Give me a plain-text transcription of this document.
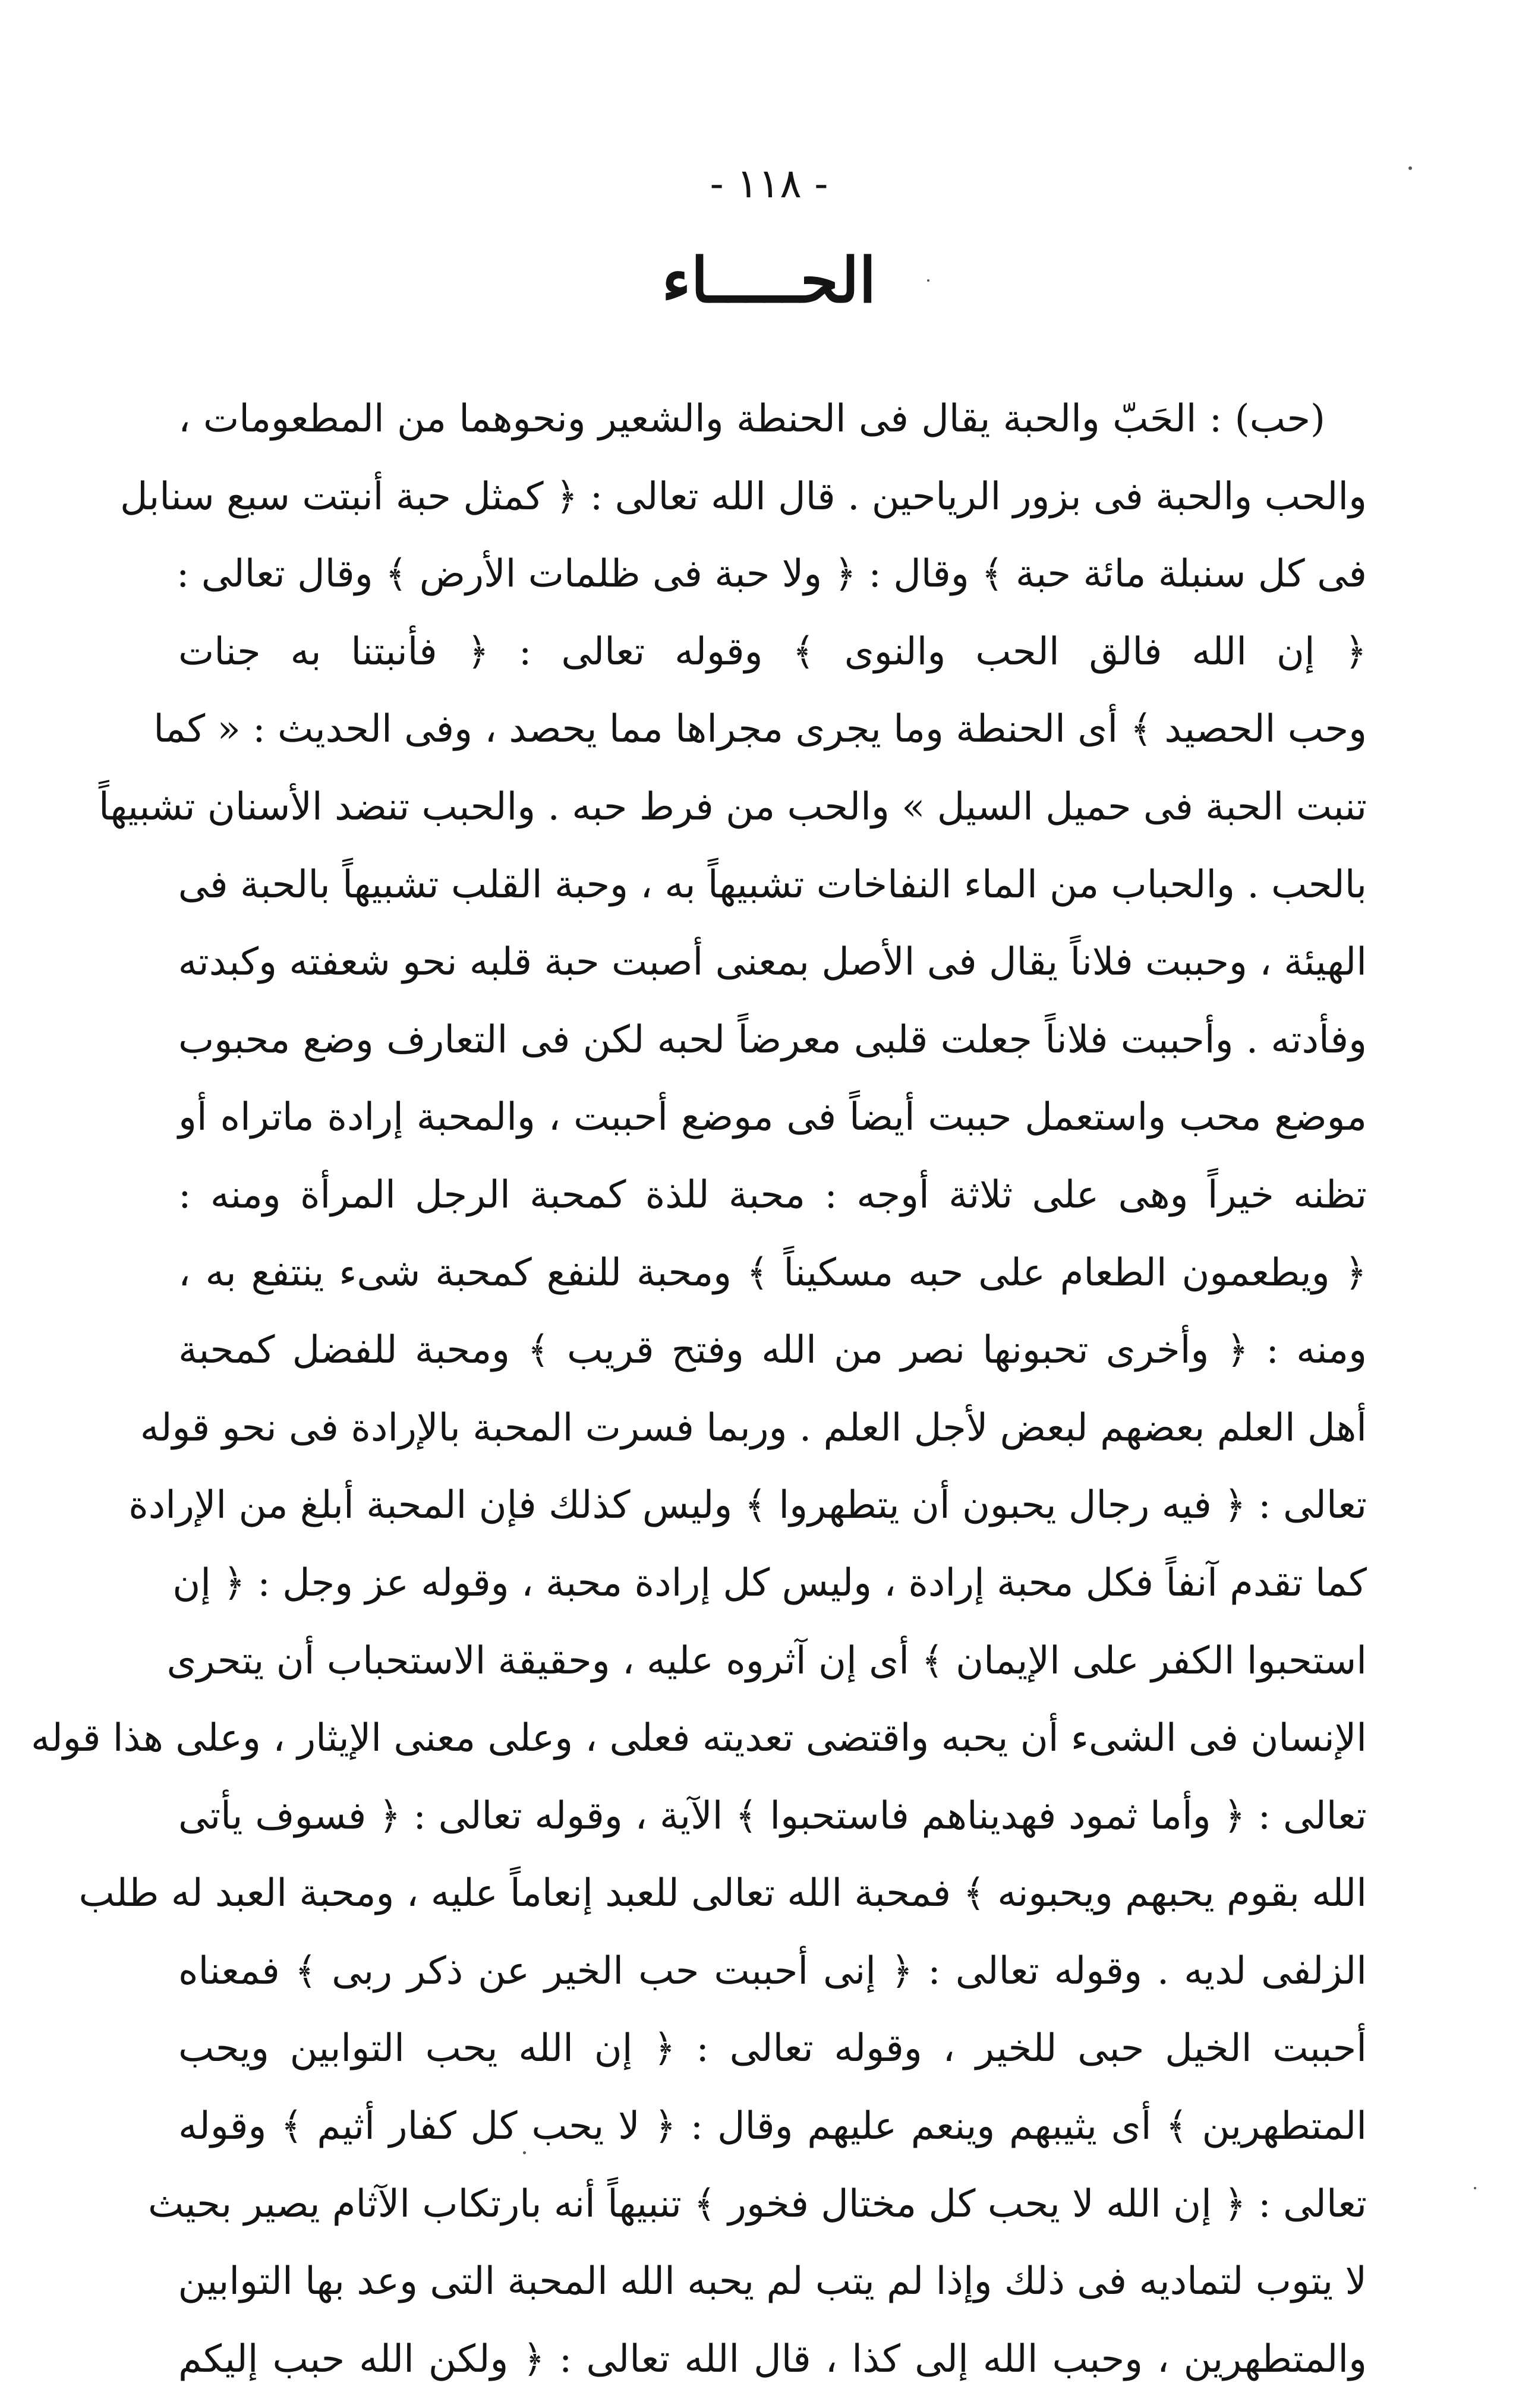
- ١١٨ -
الحـــــاء
(حب) : الحَبّ والحبة يقال فى الحنطة والشعير ونحوهما من المطعومات ،
والحب والحبة فى بزور الرياحين . قال الله تعالى : ﴿ كمثل حبة أنبتت سبع سنابل
فى كل سنبلة مائة حبة ﴾ وقال : ﴿ ولا حبة فى ظلمات الأرض ﴾ وقال تعالى :
﴿ إن الله فالق الحب والنوى ﴾ وقوله تعالى : ﴿ فأنبتنا به جنات
وحب الحصيد ﴾ أى الحنطة وما يجرى مجراها مما يحصد ، وفى الحديث : « كما
تنبت الحبة فى حميل السيل » والحب من فرط حبه . والحبب تنضد الأسنان تشبيهاً
بالحب . والحباب من الماء النفاخات تشبيهاً به ، وحبة القلب تشبيهاً بالحبة فى
الهيئة ، وحببت فلاناً يقال فى الأصل بمعنى أصبت حبة قلبه نحو شعفته وكبدته
وفأدته . وأحببت فلاناً جعلت قلبى معرضاً لحبه لكن فى التعارف وضع محبوب
موضع محب واستعمل حببت أيضاً فى موضع أحببت ، والمحبة إرادة ماتراه أو
تظنه خيراً وهى على ثلاثة أوجه : محبة للذة كمحبة الرجل المرأة ومنه :
﴿ ويطعمون الطعام على حبه مسكيناً ﴾ ومحبة للنفع كمحبة شىء ينتفع به ،
ومنه : ﴿ وأخرى تحبونها نصر من الله وفتح قريب ﴾ ومحبة للفضل كمحبة
أهل العلم بعضهم لبعض لأجل العلم . وربما فسرت المحبة بالإرادة فى نحو قوله
تعالى : ﴿ فيه رجال يحبون أن يتطهروا ﴾ وليس كذلك فإن المحبة أبلغ من الإرادة
كما تقدم آنفاً فكل محبة إرادة ، وليس كل إرادة محبة ، وقوله عز وجل : ﴿ إن
استحبوا الكفر على الإيمان ﴾ أى إن آثروه عليه ، وحقيقة الاستحباب أن يتحرى
الإنسان فى الشىء أن يحبه واقتضى تعديته فعلى ، وعلى معنى الإيثار ، وعلى هذا قوله
تعالى : ﴿ وأما ثمود فهديناهم فاستحبوا ﴾ الآية ، وقوله تعالى : ﴿ فسوف يأتى
الله بقوم يحبهم ويحبونه ﴾ فمحبة الله تعالى للعبد إنعاماً عليه ، ومحبة العبد له طلب
الزلفى لديه . وقوله تعالى : ﴿ إنى أحببت حب الخير عن ذكر ربى ﴾ فمعناه
أحببت الخيل حبى للخير ، وقوله تعالى : ﴿ إن الله يحب التوابين ويحب
المتطهرين ﴾ أى يثيبهم وينعم عليهم وقال : ﴿ لا يحب كل كفار أثيم ﴾ وقوله
تعالى : ﴿ إن الله لا يحب كل مختال فخور ﴾ تنبيهاً أنه بارتكاب الآثام يصير بحيث
لا يتوب لتماديه فى ذلك وإذا لم يتب لم يحبه الله المحبة التى وعد بها التوابين
والمتطهرين ، وحبب الله إلى كذا ، قال الله تعالى : ﴿ ولكن الله حبب إليكم
